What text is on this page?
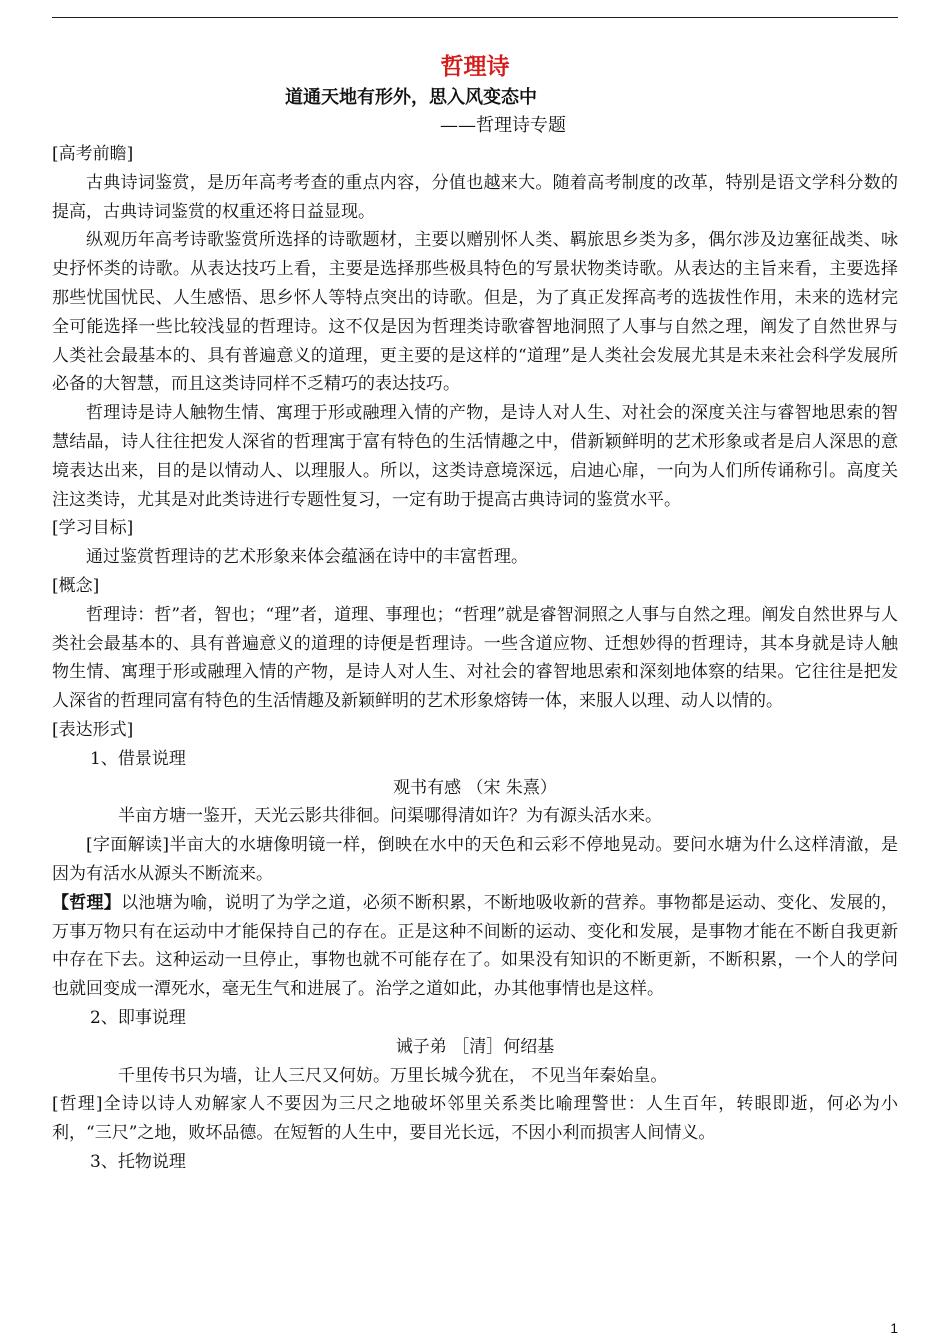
哲理诗
道通天地有形外，思入风变态中
——哲理诗专题
[高考前瞻]
古典诗词鉴赏，是历年高考考查的重点内容，分值也越来大。随着高考制度的改革，特别是语文学科分数的提高，古典诗词鉴赏的权重还将日益显现。
纵观历年高考诗歌鉴赏所选择的诗歌题材，主要以赠别怀人类、羁旅思乡类为多，偶尔涉及边塞征战类、咏史抒怀类的诗歌。从表达技巧上看，主要是选择那些极具特色的写景状物类诗歌。从表达的主旨来看，主要选择那些忧国忧民、人生感悟、思乡怀人等特点突出的诗歌。但是，为了真正发挥高考的选拔性作用，未来的选材完全可能选择一些比较浅显的哲理诗。这不仅是因为哲理类诗歌睿智地洞照了人事与自然之理，阐发了自然世界与人类社会最基本的、具有普遍意义的道理，更主要的是这样的“道理”是人类社会发展尤其是未来社会科学发展所必备的大智慧，而且这类诗同样不乏精巧的表达技巧。
哲理诗是诗人触物生情、寓理于形或融理入情的产物，是诗人对人生、对社会的深度关注与睿智地思索的智慧结晶，诗人往往把发人深省的哲理寓于富有特色的生活情趣之中，借新颖鲜明的艺术形象或者是启人深思的意境表达出来，目的是以情动人、以理服人。所以，这类诗意境深远，启迪心扉，一向为人们所传诵称引。高度关注这类诗，尤其是对此类诗进行专题性复习，一定有助于提高古典诗词的鉴赏水平。
[学习目标]
通过鉴赏哲理诗的艺术形象来体会蕴涵在诗中的丰富哲理。
[概念]
哲理诗：哲”者，智也；“理”者，道理、事理也；“哲理”就是睿智洞照之人事与自然之理。阐发自然世界与人类社会最基本的、具有普遍意义的道理的诗便是哲理诗。一些含道应物、迁想妙得的哲理诗，其本身就是诗人触物生情、寓理于形或融理入情的产物，是诗人对人生、对社会的睿智地思索和深刻地体察的结果。它往往是把发人深省的哲理同富有特色的生活情趣及新颖鲜明的艺术形象熔铸一体，来服人以理、动人以情的。
[表达形式]
1、借景说理
观书有感 （宋 朱熹）
半亩方塘一鉴开，天光云影共徘徊。问渠哪得清如许？为有源头活水来。
[字面解读]半亩大的水塘像明镜一样，倒映在水中的天色和云彩不停地晃动。要问水塘为什么这样清澈，是因为有活水从源头不断流来。
【哲理】以池塘为喻，说明了为学之道，必须不断积累，不断地吸收新的营养。事物都是运动、变化、发展的，万事万物只有在运动中才能保持自己的存在。正是这种不间断的运动、变化和发展，是事物才能在不断自我更新中存在下去。这种运动一旦停止，事物也就不可能存在了。如果没有知识的不断更新，不断积累，一个人的学问也就回变成一潭死水，毫无生气和进展了。治学之道如此，办其他事情也是这样。
2、即事说理
诫子弟 ［清］何绍基
千里传书只为墙，让人三尺又何妨。万里长城今犹在， 不见当年秦始皇。
[哲理]全诗以诗人劝解家人不要因为三尺之地破坏邻里关系类比喻理警世：人生百年，转眼即逝，何必为小利，“三尺”之地，败坏品德。在短暂的人生中，要目光长远，不因小利而损害人间情义。
3、托物说理
1
